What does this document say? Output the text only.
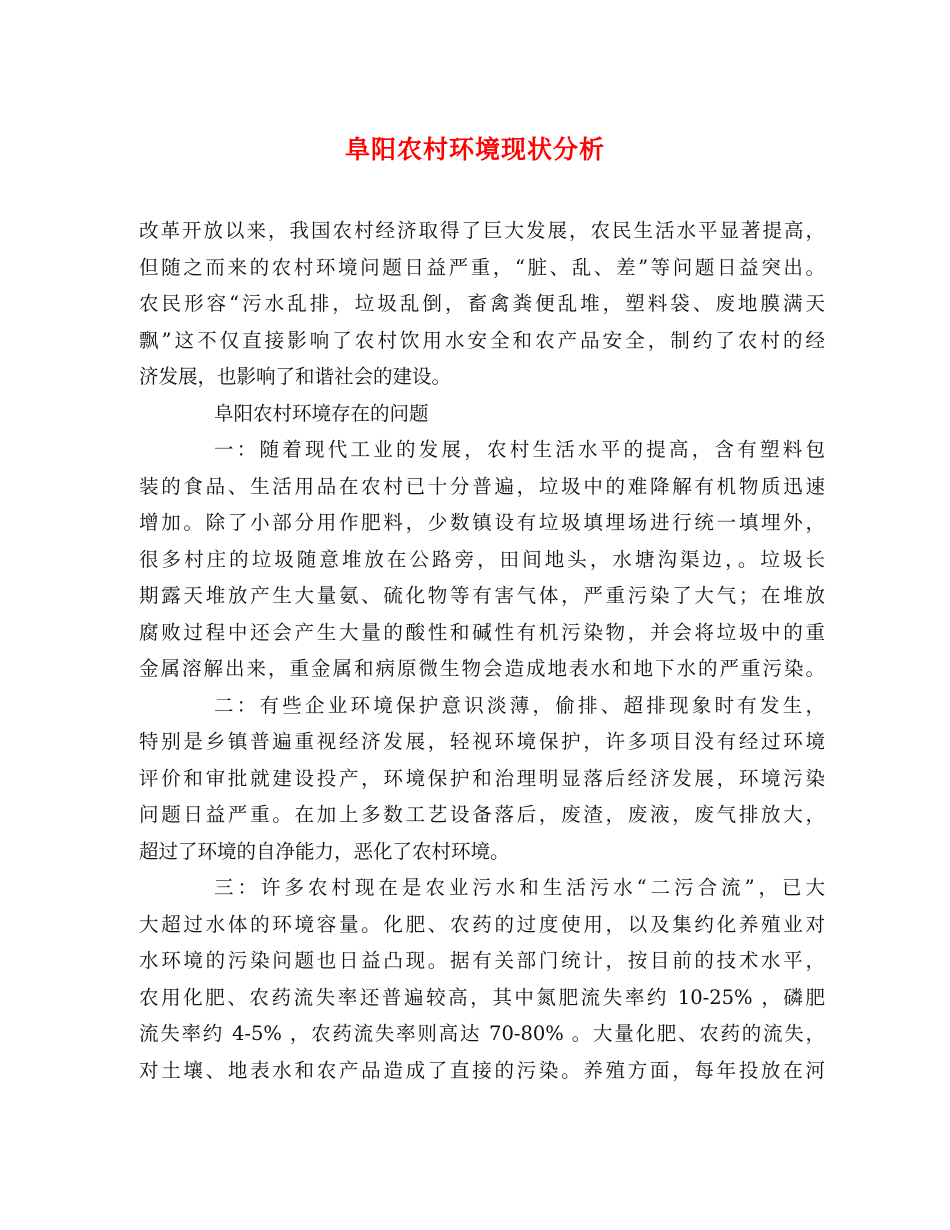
阜阳农村环境现状分析
改革开放以来，我国农村经济取得了巨大发展，农民生活水平显著提高，
但随之而来的农村环境问题日益严重，“脏、乱、差”等问题日益突出。
农民形容“污水乱排，垃圾乱倒，畜禽粪便乱堆，塑料袋、废地膜满天
飘”这不仅直接影响了农村饮用水安全和农产品安全，制约了农村的经
济发展，也影响了和谐社会的建设。
阜阳农村环境存在的问题
一：随着现代工业的发展，农村生活水平的提高，含有塑料包
装的食品、生活用品在农村已十分普遍，垃圾中的难降解有机物质迅速
增加。除了小部分用作肥料，少数镇设有垃圾填埋场进行统一填埋外，
很多村庄的垃圾随意堆放在公路旁，田间地头，水塘沟渠边，。垃圾长
期露天堆放产生大量氨、硫化物等有害气体，严重污染了大气；在堆放
腐败过程中还会产生大量的酸性和碱性有机污染物，并会将垃圾中的重
金属溶解出来，重金属和病原微生物会造成地表水和地下水的严重污染。
二：有些企业环境保护意识淡薄，偷排、超排现象时有发生，
特别是乡镇普遍重视经济发展，轻视环境保护，许多项目没有经过环境
评价和审批就建设投产，环境保护和治理明显落后经济发展，环境污染
问题日益严重。在加上多数工艺设备落后，废渣，废液，废气排放大，
超过了环境的自净能力，恶化了农村环境。
三：许多农村现在是农业污水和生活污水“二污合流”，已大
大超过水体的环境容量。化肥、农药的过度使用，以及集约化养殖业对
水环境的污染问题也日益凸现。据有关部门统计，按目前的技术水平，
农用化肥、农药流失率还普遍较高，其中氮肥流失率约 10-25% ，磷肥
流失率约 4-5% ，农药流失率则高达 70-80% 。大量化肥、农药的流失，
对土壤、地表水和农产品造成了直接的污染。养殖方面，每年投放在河
